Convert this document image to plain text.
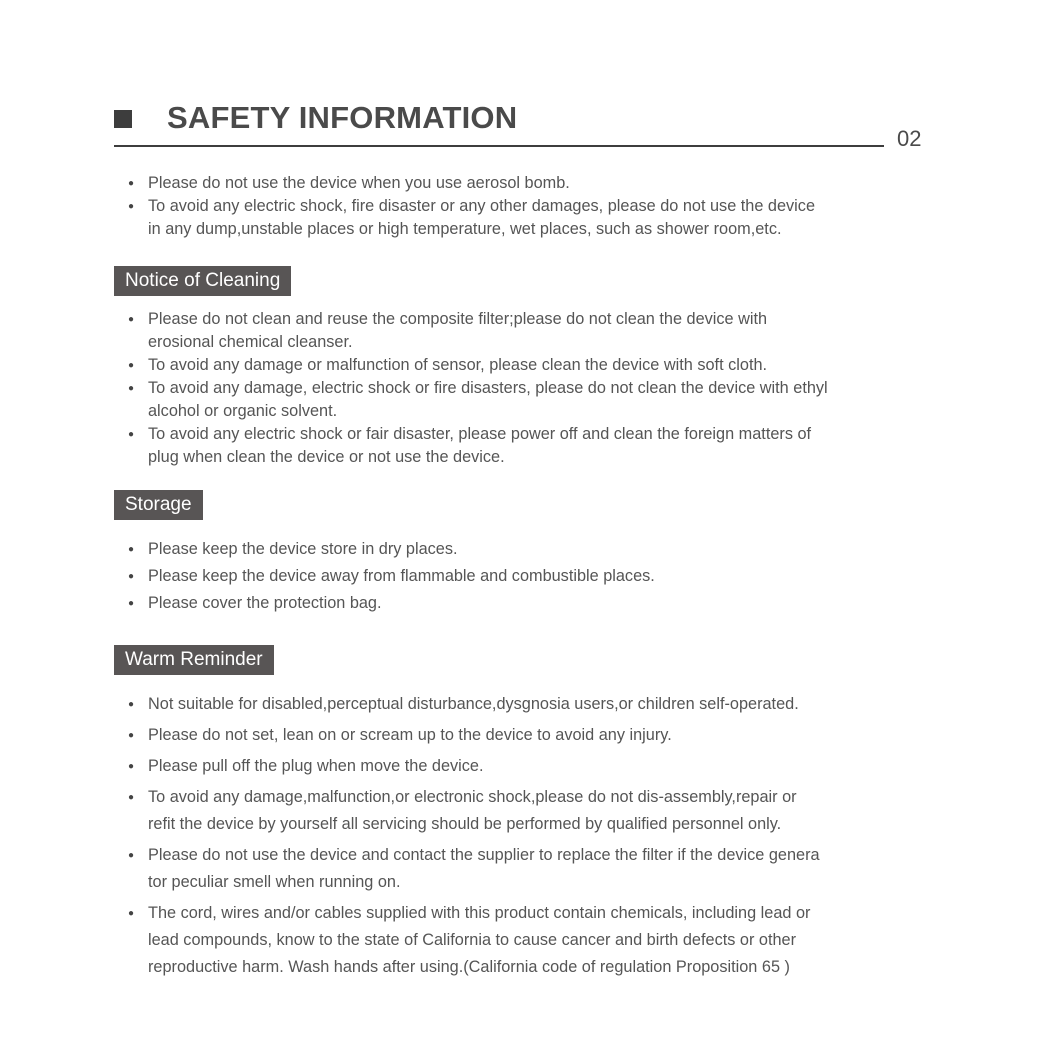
SAFETY INFORMATION
02
● Please do not use the device when you use aerosol bomb.
● To avoid any electric shock, fire disaster or any other damages, please do not use the device
in any dump,unstable places or high temperature, wet places, such as shower room,etc.
Notice of Cleaning
● Please do not clean and reuse the composite filter;please do not clean the device with
erosional chemical cleanser.
● To avoid any damage or malfunction of sensor, please clean the device with soft cloth.
● To avoid any damage, electric shock or fire disasters, please do not clean the device with ethyl
alcohol or organic solvent.
● To avoid any electric shock or fair disaster, please power off and clean the foreign matters of
plug when clean the device or not use the device.
Storage
● Please keep the device store in dry places.
● Please keep the device away from flammable and combustible places.
● Please cover the protection bag.
Warm Reminder
● Not suitable for disabled,perceptual disturbance,dysgnosia users,or children self-operated.
● Please do not set, lean on or scream up to the device to avoid any injury.
● Please pull off the plug when move the device.
● To avoid any damage,malfunction,or electronic shock,please do not dis-assembly,repair or
refit the device by yourself all servicing should be performed by qualified personnel only.
● Please do not use the device and contact the supplier to replace the filter if the device genera
tor peculiar smell when running on.
● The cord, wires and/or cables supplied with this product contain chemicals, including lead or
lead compounds, know to the state of California to cause cancer and birth defects or other
reproductive harm. Wash hands after using.(California code of regulation Proposition 65 )
